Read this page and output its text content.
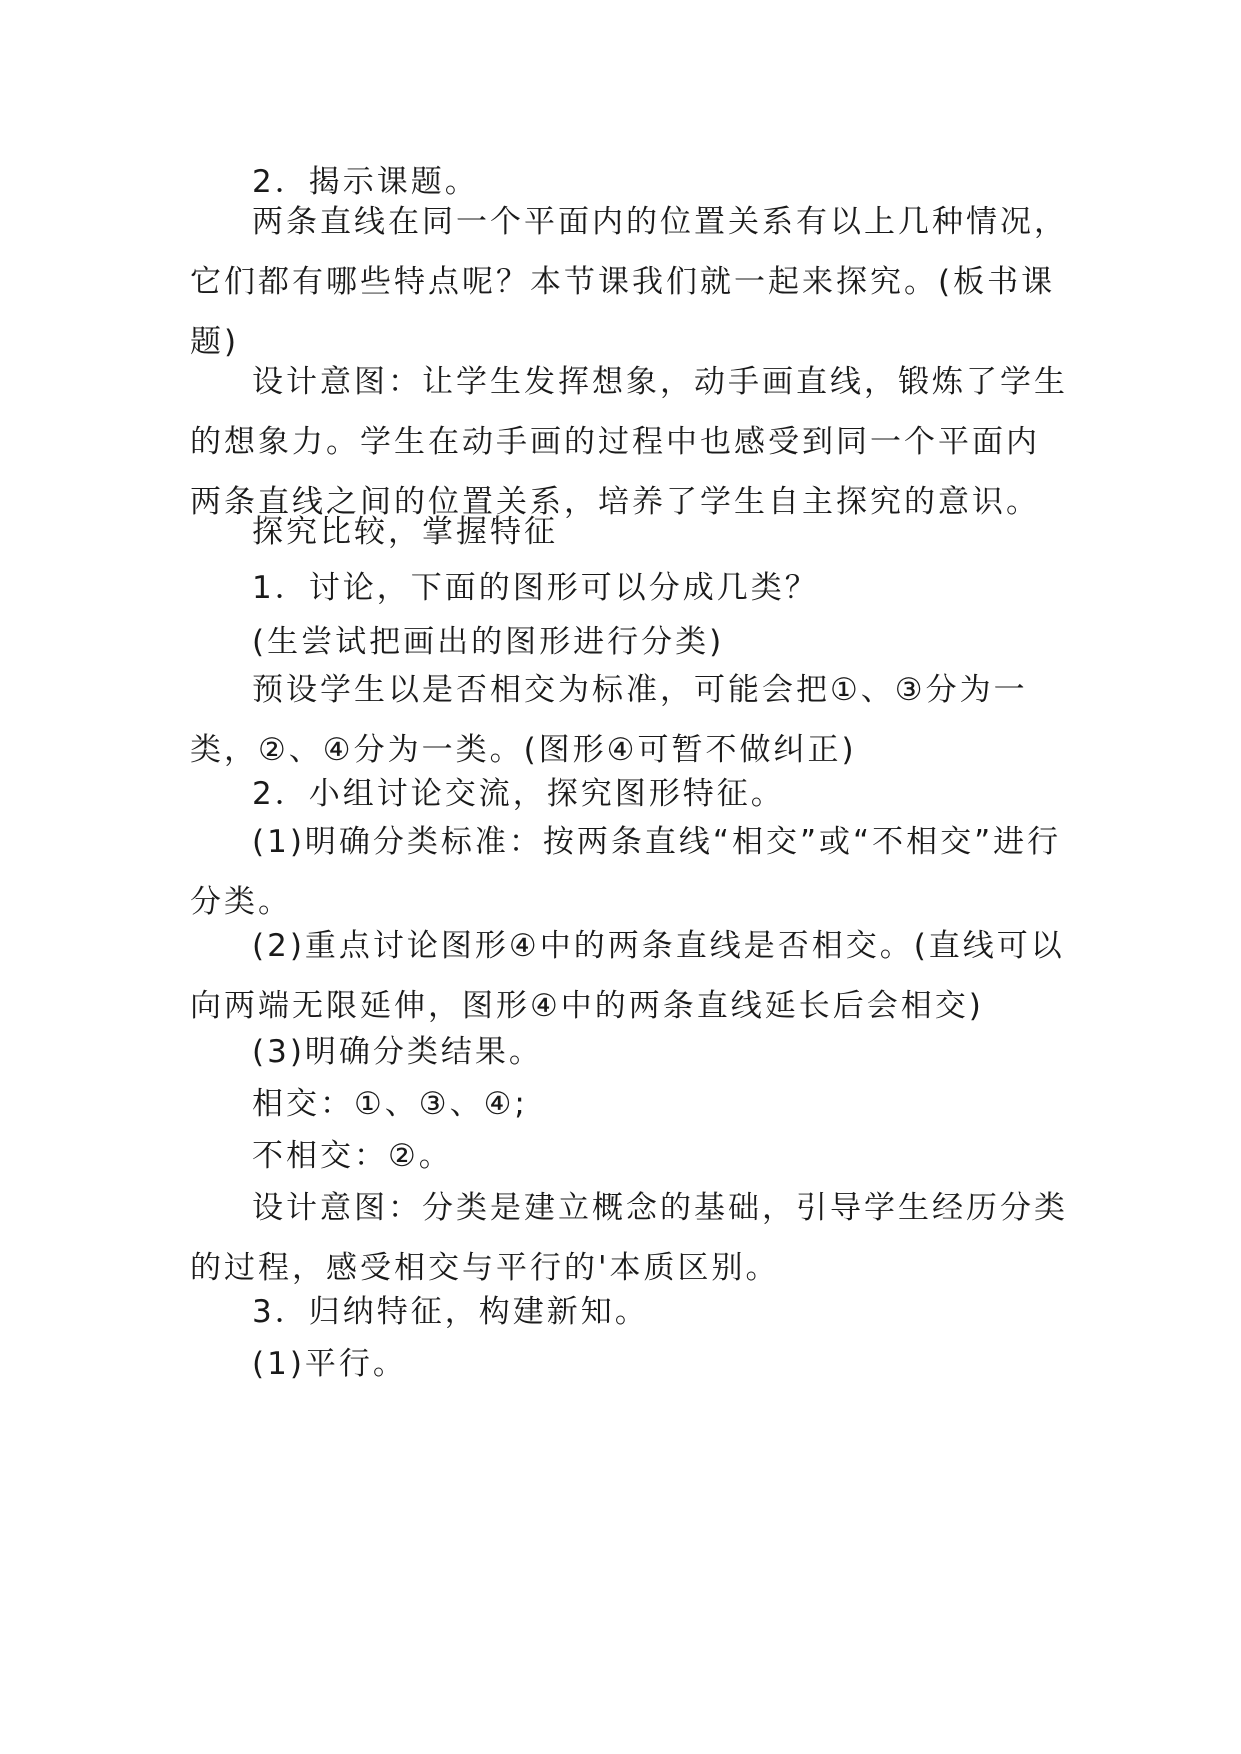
2．揭示课题。

两条直线在同一个平面内的位置关系有以上几种情况，它们都有哪些特点呢？本节课我们就一起来探究。(板书课题)

设计意图：让学生发挥想象，动手画直线，锻炼了学生的想象力。学生在动手画的过程中也感受到同一个平面内两条直线之间的位置关系，培养了学生自主探究的意识。

探究比较，掌握特征

1．讨论，下面的图形可以分成几类？

(生尝试把画出的图形进行分类)

预设学生以是否相交为标准，可能会把①、③分为一类，②、④分为一类。(图形④可暂不做纠正)

2．小组讨论交流，探究图形特征。

(1)明确分类标准：按两条直线“相交”或“不相交”进行分类。

(2)重点讨论图形④中的两条直线是否相交。(直线可以向两端无限延伸，图形④中的两条直线延长后会相交)

(3)明确分类结果。

相交：①、③、④;

不相交：②。

设计意图：分类是建立概念的基础，引导学生经历分类的过程，感受相交与平行的'本质区别。

3．归纳特征，构建新知。

(1)平行。
